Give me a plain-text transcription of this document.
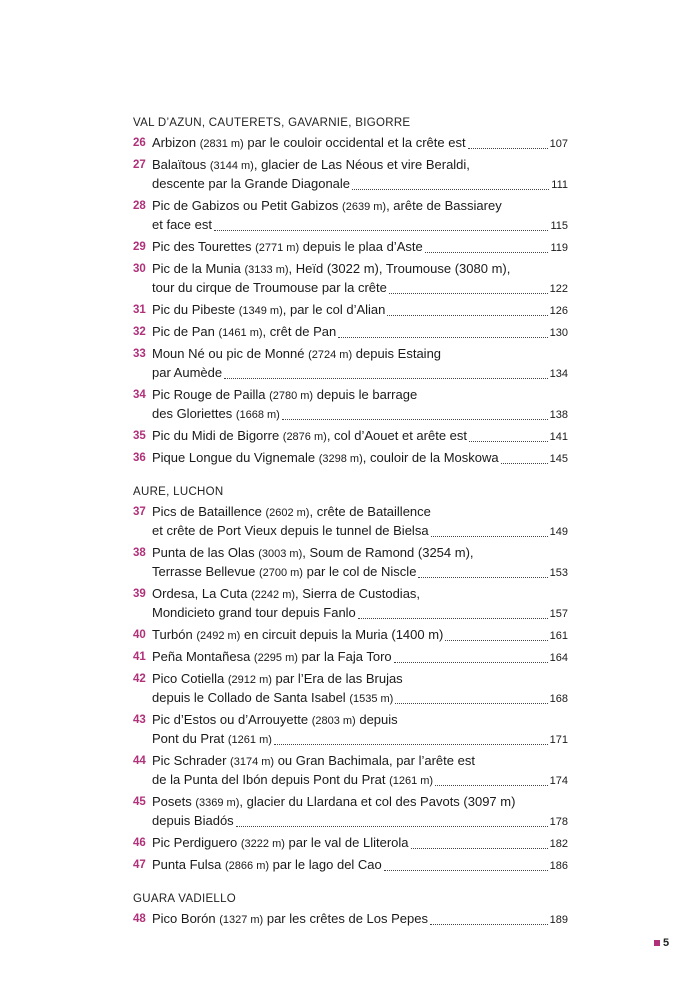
VAL D’AZUN, CAUTERETS, GAVARNIE, BIGORRE
26 Arbizon (2831 m) par le couloir occidental et la crête est	107
27 Balaïtous (3144 m), glacier de Las Néous et vire Beraldi,
descente par la Grande Diagonale	111
28 Pic de Gabizos ou Petit Gabizos (2639 m), arête de Bassiarey
et face est	115
29 Pic des Tourettes (2771 m) depuis le plaa d’Aste	119
30 Pic de la Munia (3133 m), Heïd (3022 m), Troumouse (3080 m),
tour du cirque de Troumouse par la crête	122
31 Pic du Pibeste (1349 m), par le col d’Alian	126
32 Pic de Pan (1461 m), crêt de Pan	130
33 Moun Né ou pic de Monné (2724 m) depuis Estaing
par Aumède	134
34 Pic Rouge de Pailla (2780 m) depuis le barrage
des Gloriettes (1668 m)	138
35 Pic du Midi de Bigorre (2876 m), col d’Aouet et arête est	141
36 Pique Longue du Vignemale (3298 m), couloir de la Moskowa	145
AURE, LUCHON
37 Pics de Bataillence (2602 m), crête de Bataillence
et crête de Port Vieux depuis le tunnel de Bielsa	149
38 Punta de las Olas (3003 m), Soum de Ramond (3254 m),
Terrasse Bellevue (2700 m) par le col de Niscle	153
39 Ordesa, La Cuta (2242 m), Sierra de Custodias,
Mondicieto grand tour depuis Fanlo	157
40 Turbón (2492 m) en circuit depuis la Muria (1400 m)	161
41 Peña Montañesa (2295 m) par la Faja Toro	164
42 Pico Cotiella (2912 m) par l’Era de las Brujas
depuis le Collado de Santa Isabel (1535 m)	168
43 Pic d’Estos ou d’Arrouyette (2803 m) depuis
Pont du Prat (1261 m)	171
44 Pic Schrader (3174 m) ou Gran Bachimala, par l’arête est
de la Punta del Ibón depuis Pont du Prat (1261 m)	174
45 Posets (3369 m), glacier du Llardana et col des Pavots (3097 m)
depuis Biadós	178
46 Pic Perdiguero (3222 m) par le val de Lliterola	182
47 Punta Fulsa (2866 m) par le lago del Cao	186
GUARA VADIELLO
48 Pico Borón (1327 m) par les crêtes de Los Pepes	189
5
